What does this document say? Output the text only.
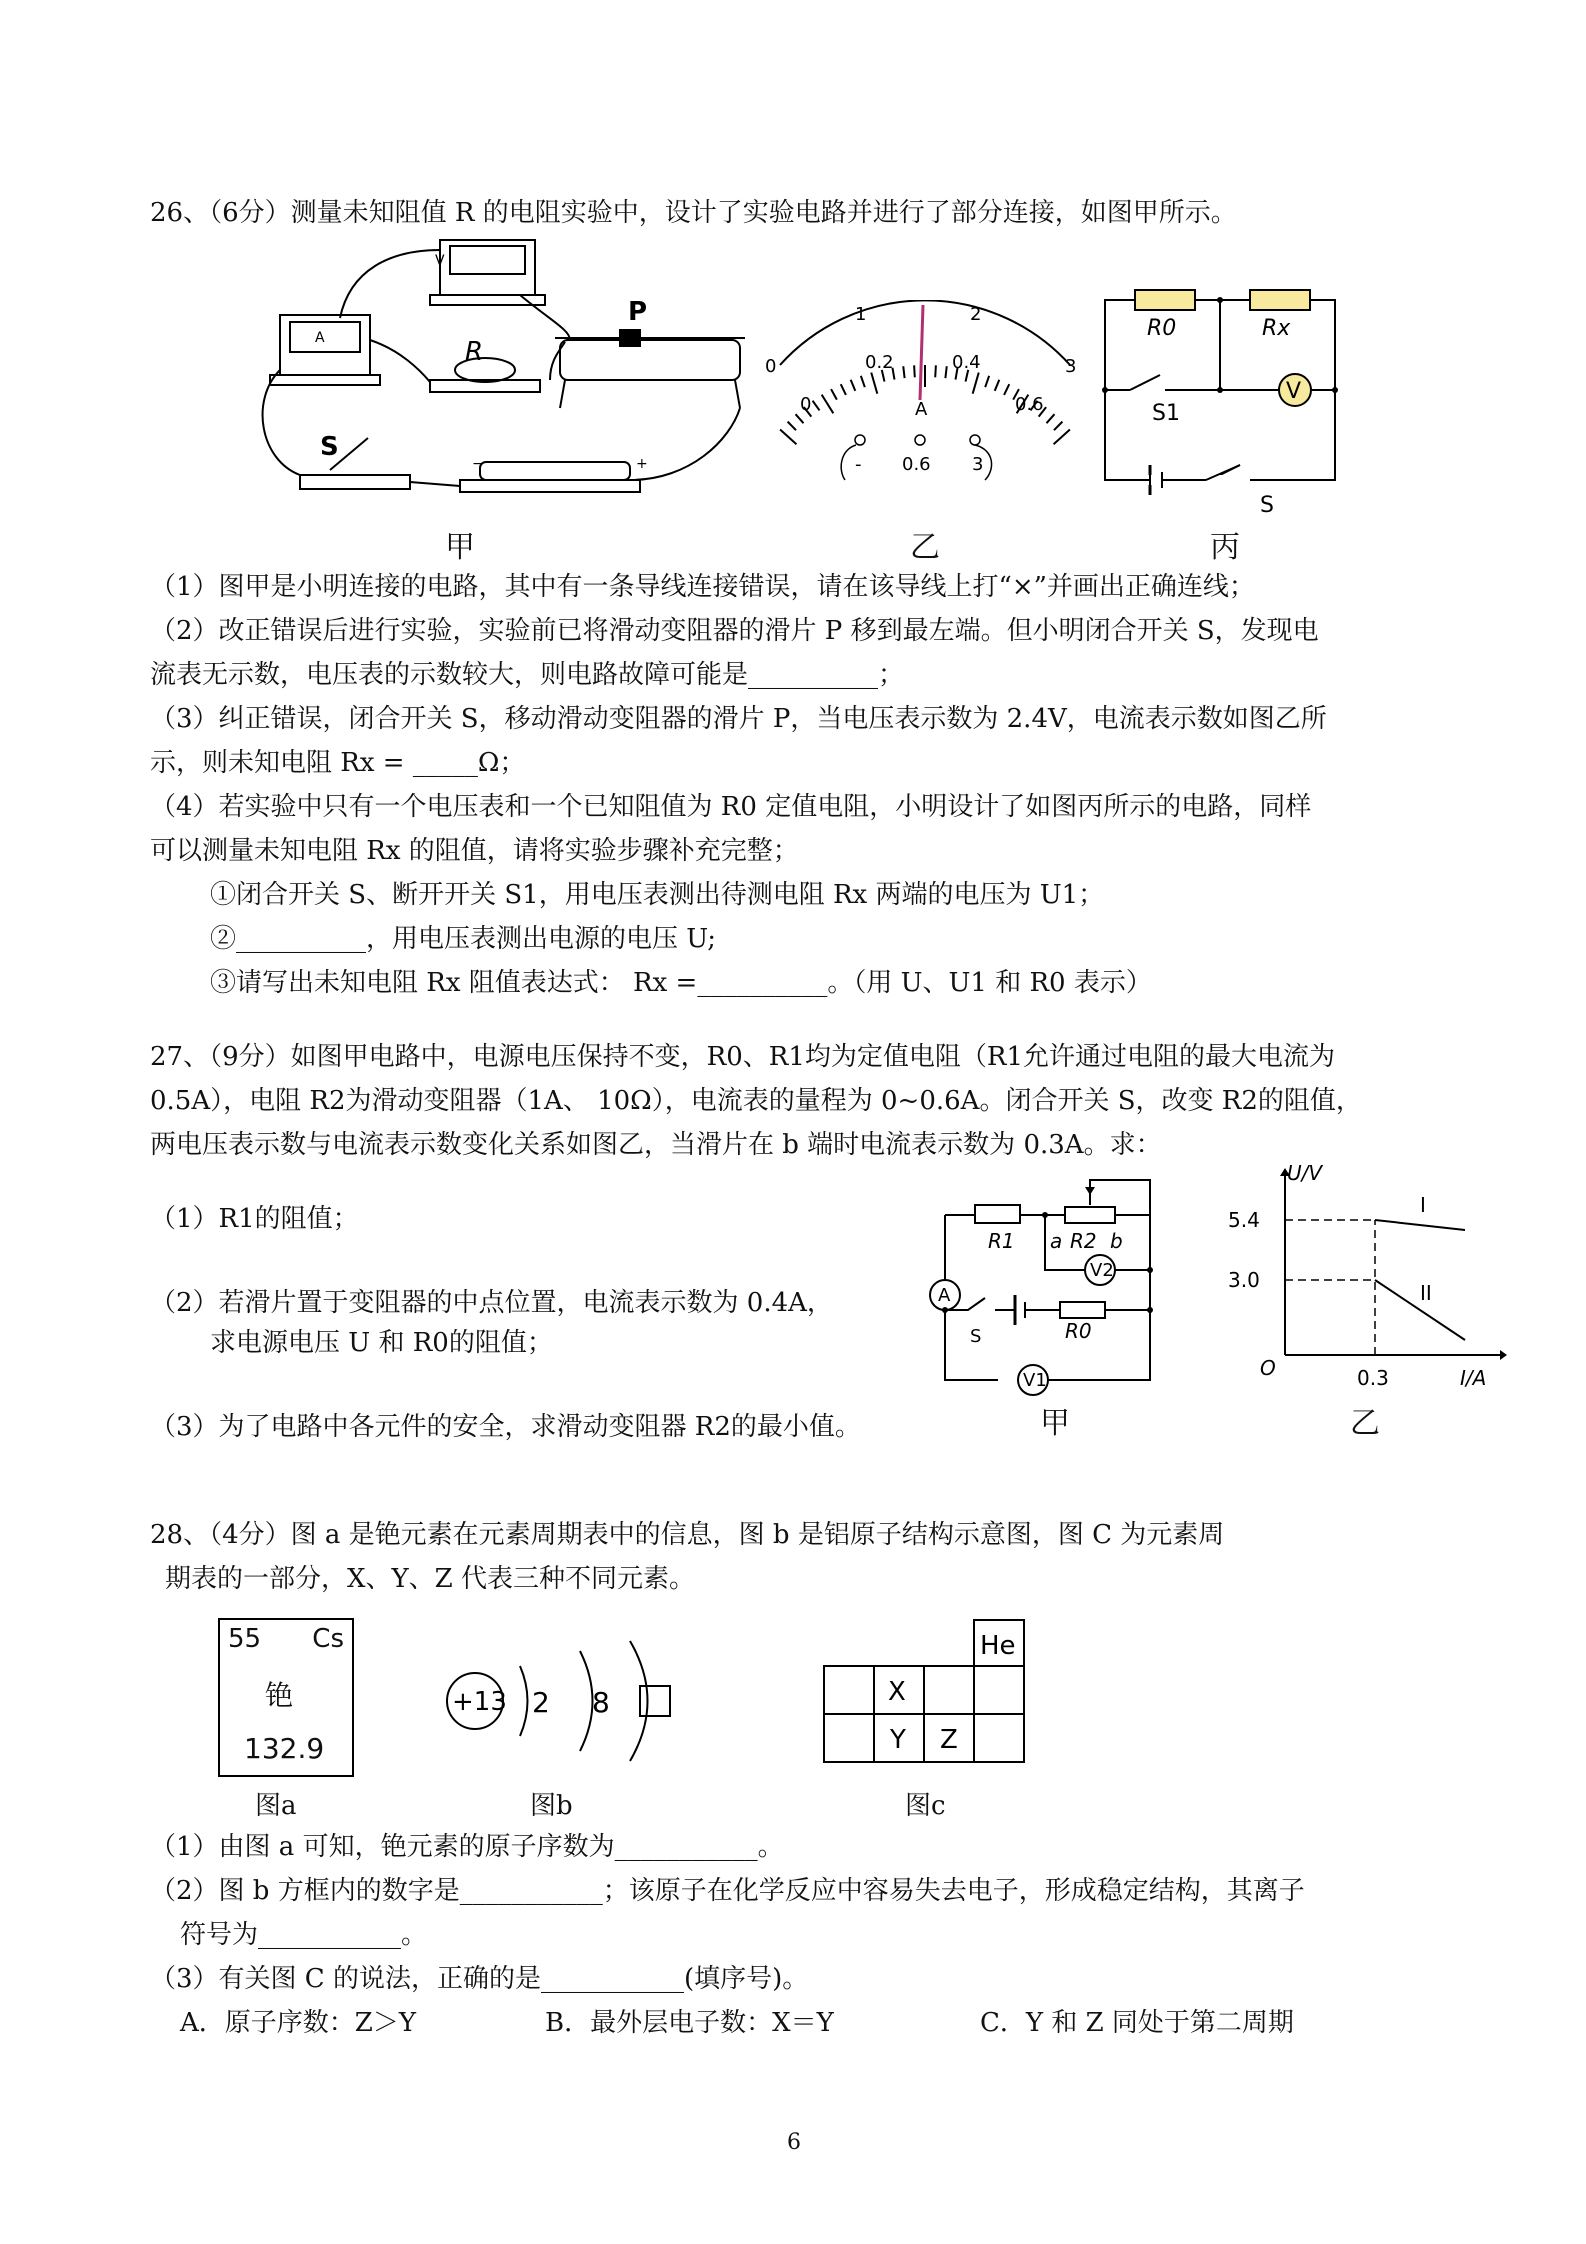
26、（6分）测量未知阻值 R 的电阻实验中，设计了实验电路并进行了部分连接，如图甲所示。
V
A
P
R
S
−	+
0
1	2
3
0
0.2	0.4
0.6
A
- 0.6 3
R0	Rx
V
S1
S
甲	乙	丙
（1）图甲是小明连接的电路，其中有一条导线连接错误，请在该导线上打“×”并画出正确连线；
（2）改正错误后进行实验，实验前已将滑动变阻器的滑片 P 移到最左端。但小明闭合开关 S，发现电
流表无示数，电压表的示数较大，则电路故障可能是__________；
（3）纠正错误，闭合开关 S，移动滑动变阻器的滑片 P，当电压表示数为 2.4V，电流表示数如图乙所
示，则未知电阻 Rx = _____Ω；
（4）若实验中只有一个电压表和一个已知阻值为 R0 定值电阻，小明设计了如图丙所示的电路，同样
可以测量未知电阻 Rx 的阻值，请将实验步骤补充完整；
①闭合开关 S、断开开关 S1，用电压表测出待测电阻 Rx 两端的电压为 U1；
②__________，用电压表测出电源的电压 U;
③请写出未知电阻 Rx 阻值表达式： Rx =__________。（用 U、U1 和 R0 表示）
27、（9分）如图甲电路中，电源电压保持不变，R0、R1均为定值电阻（R1允许通过电阻的最大电流为
0.5A），电阻 R2为滑动变阻器（1A、 10Ω），电流表的量程为 0~0.6A。闭合开关 S，改变 R2的阻值，
两电压表示数与电流表示数变化关系如图乙，当滑片在 b 端时电流表示数为 0.3A。求：
（1）R1的阻值；
（2）若滑片置于变阻器的中点位置，电流表示数为 0.4A，
求电源电压 U 和 R0的阻值；
（3）为了电路中各元件的安全，求滑动变阻器 R2的最小值。
R1 a R2 b
R0
A
V2
V1
S
U/V
I/A
O
5.4
3.0
0.3
I
II
甲	乙
28、（4分）图 a 是铯元素在元素周期表中的信息，图 b 是铝原子结构示意图，图 C 为元素周
期表的一部分，X、Y、Z 代表三种不同元素。
55 Cs
铯
132.9
+13 2 8
He
X
Y Z
图a	图b	图c
（1）由图 a 可知，铯元素的原子序数为___________。
（2）图 b 方框内的数字是___________；该原子在化学反应中容易失去电子，形成稳定结构，其离子
符号为___________。
（3）有关图 C 的说法，正确的是___________(填序号)。
A．原子序数：Z＞Y	B．最外层电子数：X＝Y	C．Y 和 Z 同处于第二周期
6
